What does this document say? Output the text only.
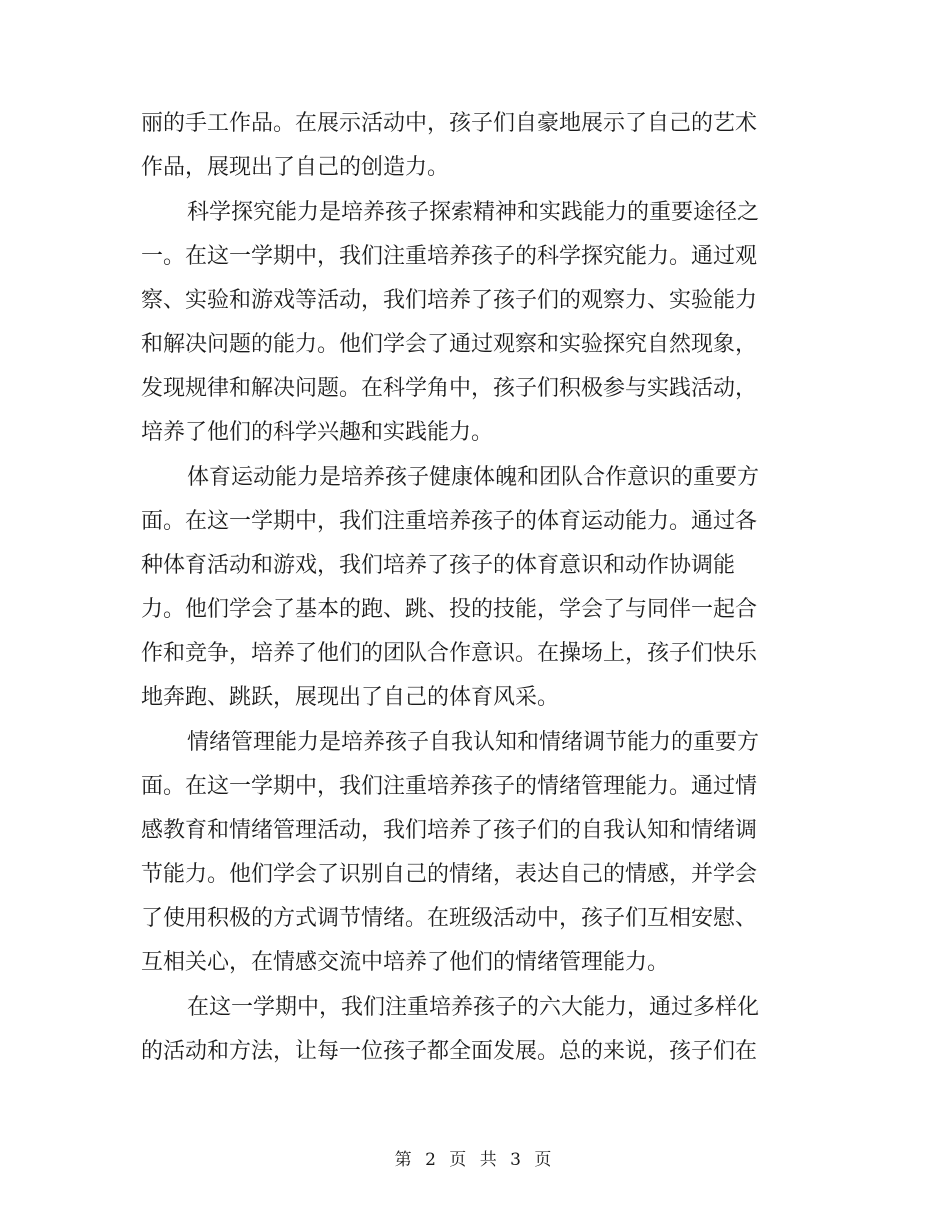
丽的手工作品。在展示活动中，孩子们自豪地展示了自己的艺术
作品，展现出了自己的创造力。
科学探究能力是培养孩子探索精神和实践能力的重要途径之
一。在这一学期中，我们注重培养孩子的科学探究能力。通过观
察、实验和游戏等活动，我们培养了孩子们的观察力、实验能力
和解决问题的能力。他们学会了通过观察和实验探究自然现象，
发现规律和解决问题。在科学角中，孩子们积极参与实践活动，
培养了他们的科学兴趣和实践能力。
体育运动能力是培养孩子健康体魄和团队合作意识的重要方
面。在这一学期中，我们注重培养孩子的体育运动能力。通过各
种体育活动和游戏，我们培养了孩子的体育意识和动作协调能
力。他们学会了基本的跑、跳、投的技能，学会了与同伴一起合
作和竞争，培养了他们的团队合作意识。在操场上，孩子们快乐
地奔跑、跳跃，展现出了自己的体育风采。
情绪管理能力是培养孩子自我认知和情绪调节能力的重要方
面。在这一学期中，我们注重培养孩子的情绪管理能力。通过情
感教育和情绪管理活动，我们培养了孩子们的自我认知和情绪调
节能力。他们学会了识别自己的情绪，表达自己的情感，并学会
了使用积极的方式调节情绪。在班级活动中，孩子们互相安慰、
互相关心，在情感交流中培养了他们的情绪管理能力。
在这一学期中，我们注重培养孩子的六大能力，通过多样化
的活动和方法，让每一位孩子都全面发展。总的来说，孩子们在
第 2 页 共 3 页
